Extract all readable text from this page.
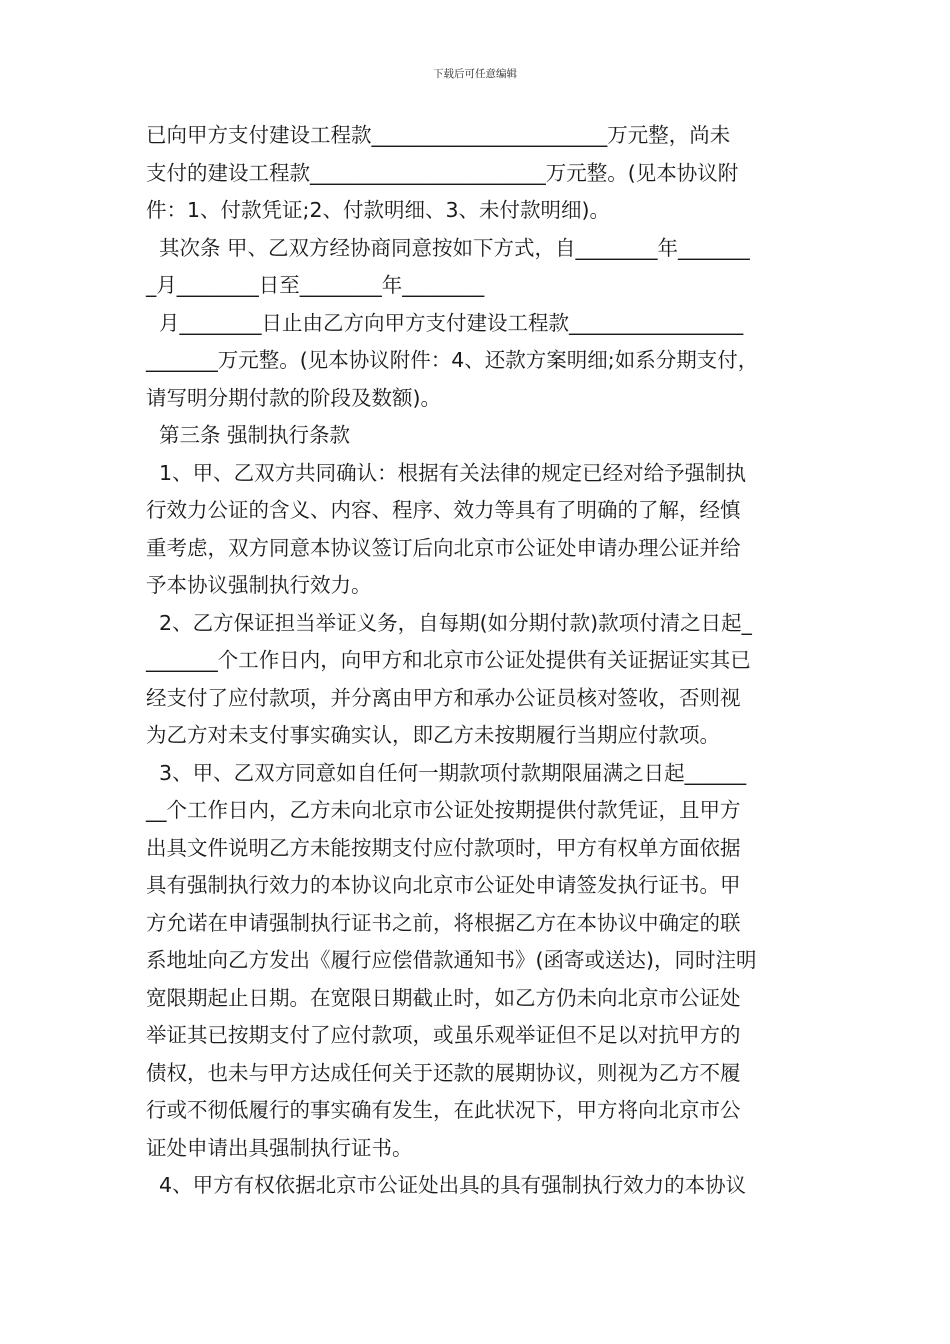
下载后可任意编辑
已向甲方支付建设工程款_______________________万元整，尚未
支付的建设工程款_______________________万元整。(见本协议附
件：1、付款凭证;2、付款明细、3、未付款明细)。
其次条 甲、乙双方经协商同意按如下方式，自________年_______
_月________日至________年________
月________日止由乙方向甲方支付建设工程款_________________
_______万元整。(见本协议附件：4、还款方案明细;如系分期支付，
请写明分期付款的阶段及数额)。
第三条 强制执行条款
1、甲、乙双方共同确认：根据有关法律的规定已经对给予强制执
行效力公证的含义、内容、程序、效力等具有了明确的了解，经慎
重考虑，双方同意本协议签订后向北京市公证处申请办理公证并给
予本协议强制执行效力。
2、乙方保证担当举证义务，自每期(如分期付款)款项付清之日起_
_______个工作日内，向甲方和北京市公证处提供有关证据证实其已
经支付了应付款项，并分离由甲方和承办公证员核对签收，否则视
为乙方对未支付事实确实认，即乙方未按期履行当期应付款项。
3、甲、乙双方同意如自任何一期款项付款期限届满之日起______
__个工作日内，乙方未向北京市公证处按期提供付款凭证，且甲方
出具文件说明乙方未能按期支付应付款项时，甲方有权单方面依据
具有强制执行效力的本协议向北京市公证处申请签发执行证书。甲
方允诺在申请强制执行证书之前，将根据乙方在本协议中确定的联
系地址向乙方发出《履行应偿借款通知书》(函寄或送达)，同时注明
宽限期起止日期。在宽限日期截止时，如乙方仍未向北京市公证处
举证其已按期支付了应付款项，或虽乐观举证但不足以对抗甲方的
债权，也未与甲方达成任何关于还款的展期协议，则视为乙方不履
行或不彻低履行的事实确有发生，在此状况下，甲方将向北京市公
证处申请出具强制执行证书。
4、甲方有权依据北京市公证处出具的具有强制执行效力的本协议
